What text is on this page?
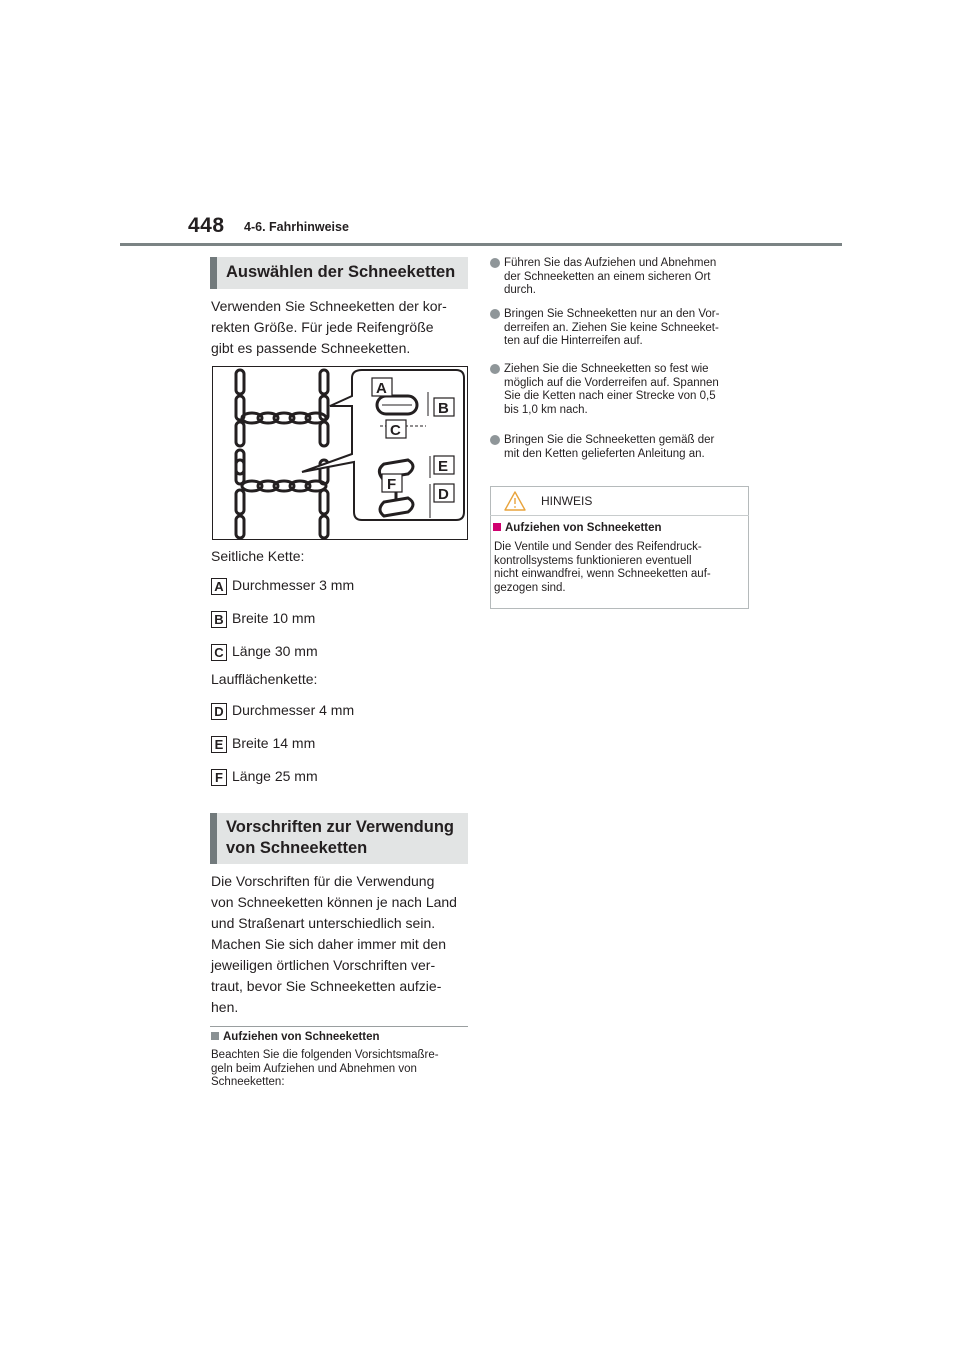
448 4-6. Fahrhinweise
Auswählen der Schneeketten
Verwenden Sie Schneeketten der kor-
rekten Größe. Für jede Reifengröße
gibt es passende Schneeketten.
A
B
C
E
F
D
Seitliche Kette:
A Durchmesser 3 mm
B Breite 10 mm
C Länge 30 mm
Laufflächenkette:
D Durchmesser 4 mm
E Breite 14 mm
F Länge 25 mm
Vorschriften zur Verwendung
von Schneeketten
Die Vorschriften für die Verwendung
von Schneeketten können je nach Land
und Straßenart unterschiedlich sein.
Machen Sie sich daher immer mit den
jeweiligen örtlichen Vorschriften ver-
traut, bevor Sie Schneeketten aufzie-
hen.
Aufziehen von Schneeketten
Beachten Sie die folgenden Vorsichtsmaßre-
geln beim Aufziehen und Abnehmen von
Schneeketten:
Führen Sie das Aufziehen und Abnehmen
der Schneeketten an einem sicheren Ort
durch.
Bringen Sie Schneeketten nur an den Vor-
derreifen an. Ziehen Sie keine Schneeket-
ten auf die Hinterreifen auf.
Ziehen Sie die Schneeketten so fest wie
möglich auf die Vorderreifen auf. Spannen
Sie die Ketten nach einer Strecke von 0,5
bis 1,0 km nach.
Bringen Sie die Schneeketten gemäß der
mit den Ketten gelieferten Anleitung an.
HINWEIS
Aufziehen von Schneeketten
Die Ventile und Sender des Reifendruck-
kontrollsystems funktionieren eventuell
nicht einwandfrei, wenn Schneeketten auf-
gezogen sind.
